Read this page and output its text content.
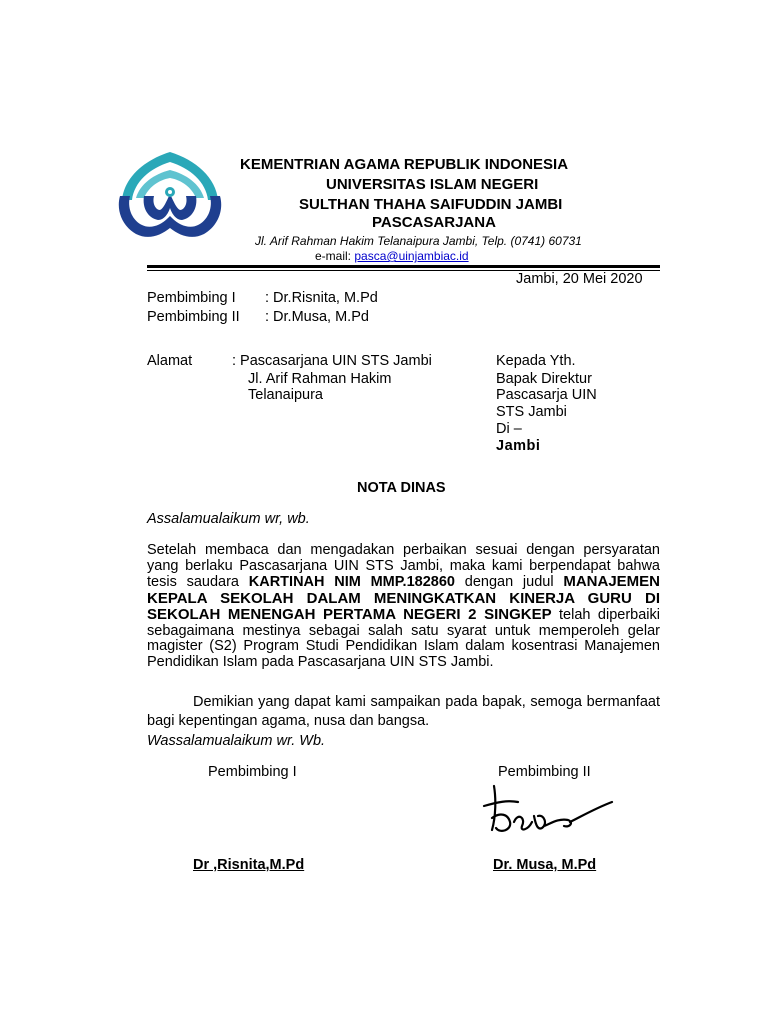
KEMENTRIAN AGAMA REPUBLIK INDONESIA
UNIVERSITAS ISLAM NEGERI
SULTHAN THAHA SAIFUDDIN JAMBI
PASCASARJANA
Jl. Arif Rahman Hakim Telanaipura Jambi, Telp. (0741) 60731
e-mail: pasca@uinjambiac.id
Jambi, 20 Mei 2020
Pembimbing I : Dr.Risnita, M.Pd
Pembimbing II : Dr.Musa, M.Pd
Alamat	: Pascasarjana UIN STS Jambi
Jl. Arif Rahman Hakim
Telanaipura
Kepada Yth.
Bapak Direktur
Pascasarja UIN
STS Jambi
Di –
Jambi
NOTA DINAS
Assalamualaikum wr, wb.
Setelah membaca dan mengadakan perbaikan sesuai dengan persyaratan yang berlaku Pascasarjana UIN STS Jambi, maka kami berpendapat bahwa tesis saudara KARTINAH NIM MMP.182860 dengan judul MANAJEMEN KEPALA SEKOLAH DALAM MENINGKATKAN KINERJA GURU DI SEKOLAH MENENGAH PERTAMA NEGERI 2 SINGKEP telah diperbaiki sebagaimana mestinya sebagai salah satu syarat untuk memperoleh gelar magister (S2) Program Studi Pendidikan Islam dalam kosentrasi Manajemen Pendidikan Islam pada Pascasarjana UIN STS Jambi.
Demikian yang dapat kami sampaikan pada bapak, semoga bermanfaat bagi kepentingan agama, nusa dan bangsa.
Wassalamualaikum wr. Wb.
Pembimbing I	Pembimbing II
Dr ,Risnita,M.Pd	Dr. Musa, M.Pd
